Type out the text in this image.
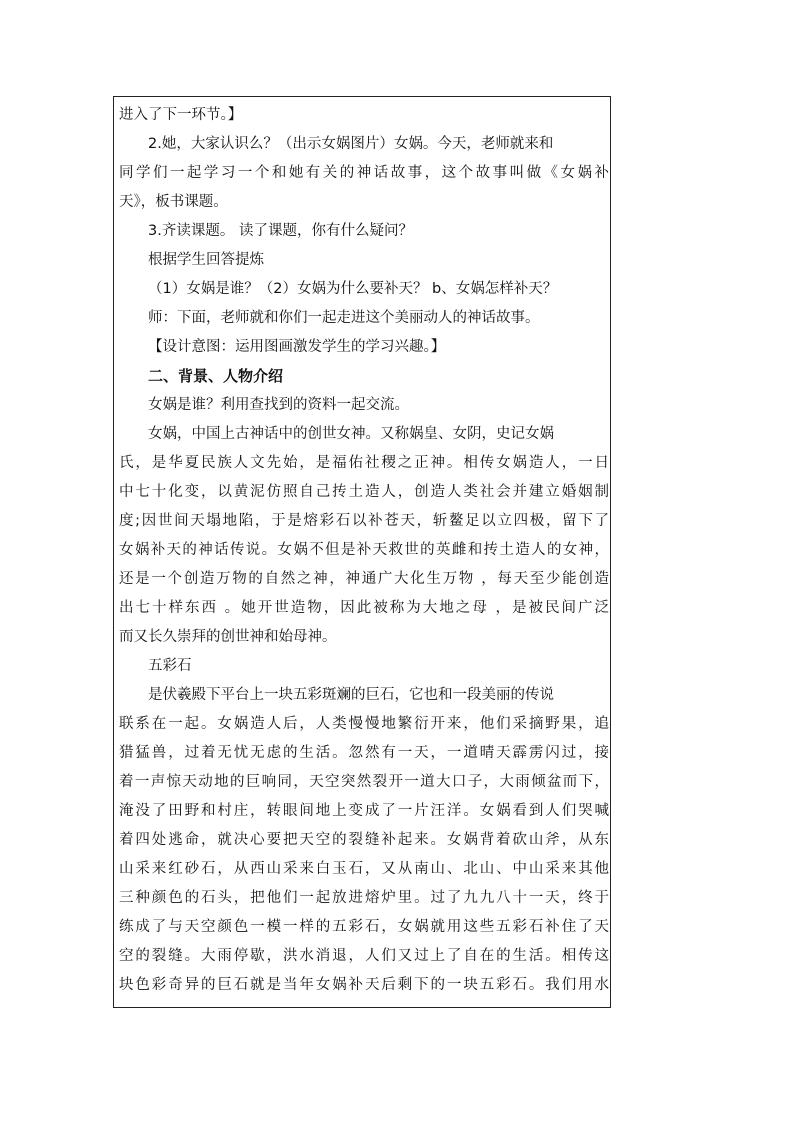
进入了下一环节。】
2.她，大家认识么？（出示女娲图片）女娲。今天，老师就来和
同学们一起学习一个和她有关的神话故事，这个故事叫做《女娲补
天》，板书课题。
3.齐读课题。 读了课题，你有什么疑问？
根据学生回答提炼
（1）女娲是谁？（2）女娲为什么要补天？ b、女娲怎样补天？
师：下面，老师就和你们一起走进这个美丽动人的神话故事。
【设计意图：运用图画激发学生的学习兴趣。】
二、背景、人物介绍
女娲是谁？利用查找到的资料一起交流。
女娲，中国上古神话中的创世女神。又称娲皇、女阴，史记女娲
氏，是华夏民族人文先始，是福佑社稷之正神。相传女娲造人，一日
中七十化变，以黄泥仿照自己抟土造人，创造人类社会并建立婚姻制
度;因世间天塌地陷，于是熔彩石以补苍天，斩鳌足以立四极，留下了
女娲补天的神话传说。女娲不但是补天救世的英雌和抟土造人的女神，
还是一个创造万物的自然之神，神通广大化生万物 ，每天至少能创造
出七十样东西 。她开世造物，因此被称为大地之母 ，是被民间广泛
而又长久崇拜的创世神和始母神。
五彩石
是伏羲殿下平台上一块五彩斑斓的巨石，它也和一段美丽的传说
联系在一起。女娲造人后，人类慢慢地繁衍开来，他们采摘野果，追
猎猛兽，过着无忧无虑的生活。忽然有一天，一道晴天霹雳闪过，接
着一声惊天动地的巨响同，天空突然裂开一道大口子，大雨倾盆而下，
淹没了田野和村庄，转眼间地上变成了一片汪洋。女娲看到人们哭喊
着四处逃命，就决心要把天空的裂缝补起来。女娲背着砍山斧，从东
山采来红砂石，从西山采来白玉石，又从南山、北山、中山采来其他
三种颜色的石头，把他们一起放进熔炉里。过了九九八十一天，终于
练成了与天空颜色一模一样的五彩石，女娲就用这些五彩石补住了天
空的裂缝。大雨停歇，洪水消退，人们又过上了自在的生活。相传这
块色彩奇异的巨石就是当年女娲补天后剩下的一块五彩石。我们用水
